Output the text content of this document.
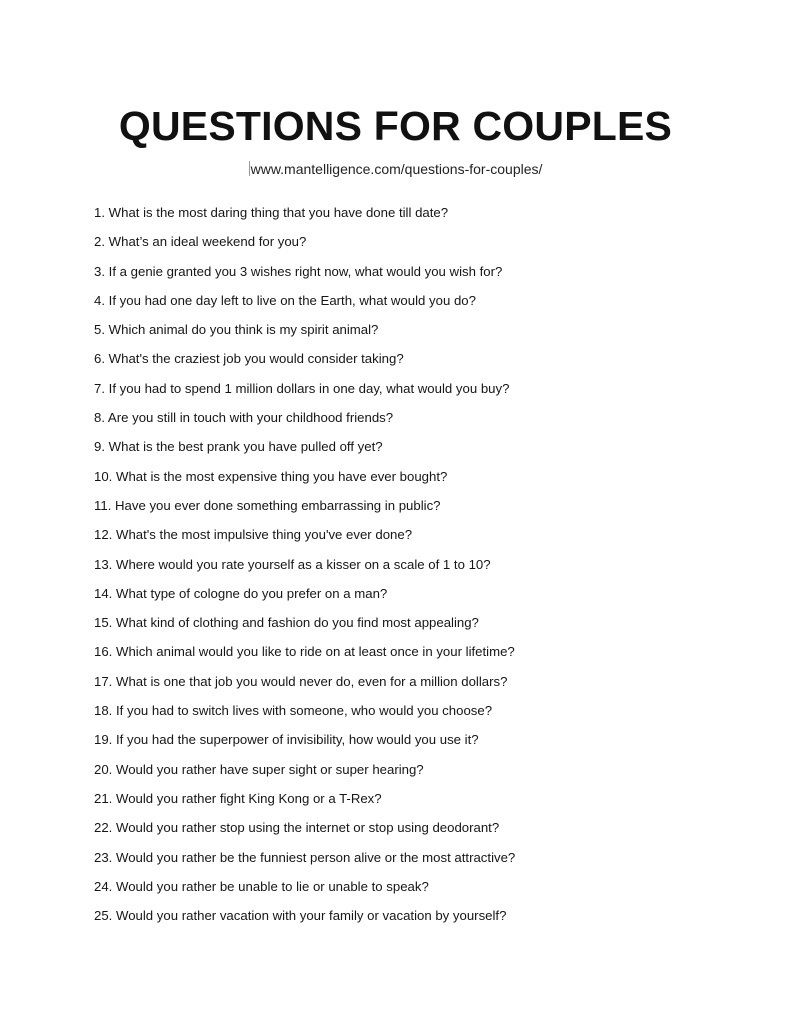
QUESTIONS FOR COUPLES
www.mantelligence.com/questions-for-couples/
1. What is the most daring thing that you have done till date?
2. What’s an ideal weekend for you?
3. If a genie granted you 3 wishes right now, what would you wish for?
4. If you had one day left to live on the Earth, what would you do?
5. Which animal do you think is my spirit animal?
6. What's the craziest job you would consider taking?
7. If you had to spend 1 million dollars in one day, what would you buy?
8. Are you still in touch with your childhood friends?
9. What is the best prank you have pulled off yet?
10. What is the most expensive thing you have ever bought?
11. Have you ever done something embarrassing in public?
12. What's the most impulsive thing you've ever done?
13. Where would you rate yourself as a kisser on a scale of 1 to 10?
14. What type of cologne do you prefer on a man?
15. What kind of clothing and fashion do you find most appealing?
16. Which animal would you like to ride on at least once in your lifetime?
17. What is one that job you would never do, even for a million dollars?
18. If you had to switch lives with someone, who would you choose?
19. If you had the superpower of invisibility, how would you use it?
20. Would you rather have super sight or super hearing?
21. Would you rather fight King Kong or a T-Rex?
22. Would you rather stop using the internet or stop using deodorant?
23. Would you rather be the funniest person alive or the most attractive?
24. Would you rather be unable to lie or unable to speak?
25. Would you rather vacation with your family or vacation by yourself?
